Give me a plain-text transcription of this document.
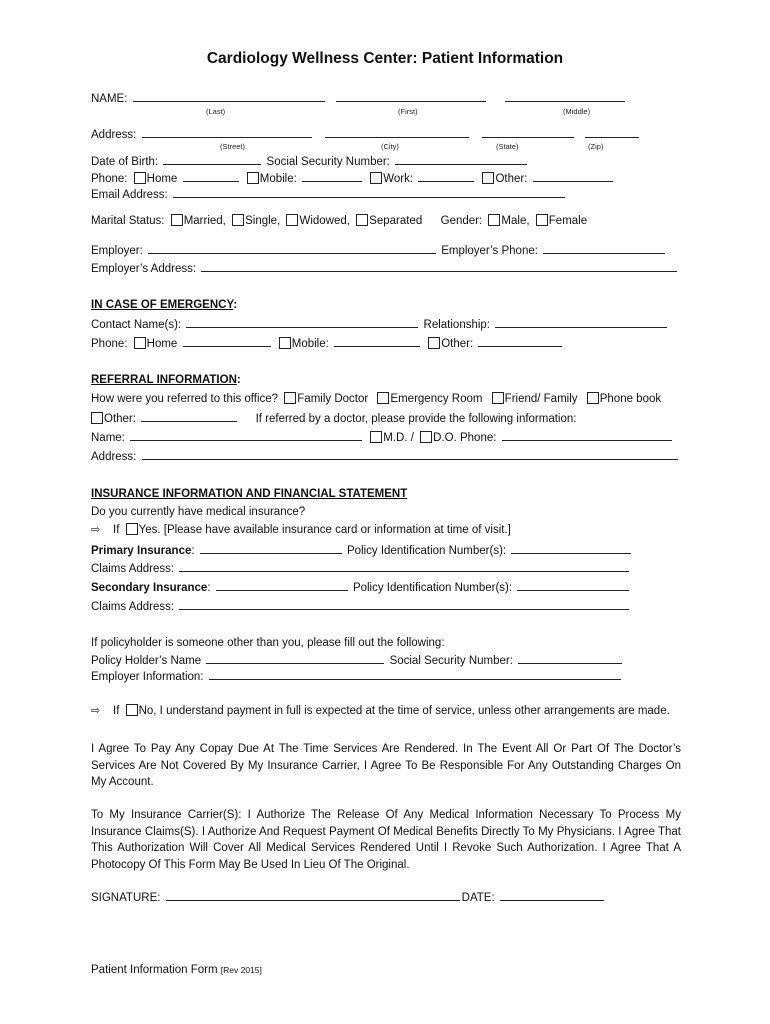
Cardiology Wellness Center: Patient Information
NAME:
(Last)	(First)	(Middle)
Address:
(Street)	(City)	(State)	(Zip)
Date of Birth:	Social Security Number:
Phone: Home	Mobile:	Work:	Other:
Email Address:
Marital Status: Married, Single, Widowed, Separated Gender: Male, Female
Employer:	Employer’s Phone:
Employer’s Address:
IN CASE OF EMERGENCY:
Contact Name(s):	Relationship:
Phone: Home	Mobile:	Other:
REFERRAL INFORMATION:
How were you referred to this office? Family Doctor Emergency Room Friend/ Family Phone book
Other:	If referred by a doctor, please provide the following information:
Name:	M.D. / D.O. Phone:
Address:
INSURANCE INFORMATION AND FINANCIAL STATEMENT
Do you currently have medical insurance?
⇨ If Yes. [Please have available insurance card or information at time of visit.]
Primary Insurance:	Policy Identification Number(s):
Claims Address:
Secondary Insurance:	Policy Identification Number(s):
Claims Address:
If policyholder is someone other than you, please fill out the following:
Policy Holder’s Name	Social Security Number:
Employer Information:
⇨ If No, I understand payment in full is expected at the time of service, unless other arrangements are made.
I Agree To Pay Any Copay Due At The Time Services Are Rendered. In The Event All Or Part Of The Doctor’s Services Are Not Covered By My Insurance Carrier, I Agree To Be Responsible For Any Outstanding Charges On My Account.
To My Insurance Carrier(S): I Authorize The Release Of Any Medical Information Necessary To Process My Insurance Claims(S). I Authorize And Request Payment Of Medical Benefits Directly To My Physicians. I Agree That This Authorization Will Cover All Medical Services Rendered Until I Revoke Such Authorization. I Agree That A Photocopy Of This Form May Be Used In Lieu Of The Original.
SIGNATURE:	DATE:
Patient Information Form [Rev 2015]
